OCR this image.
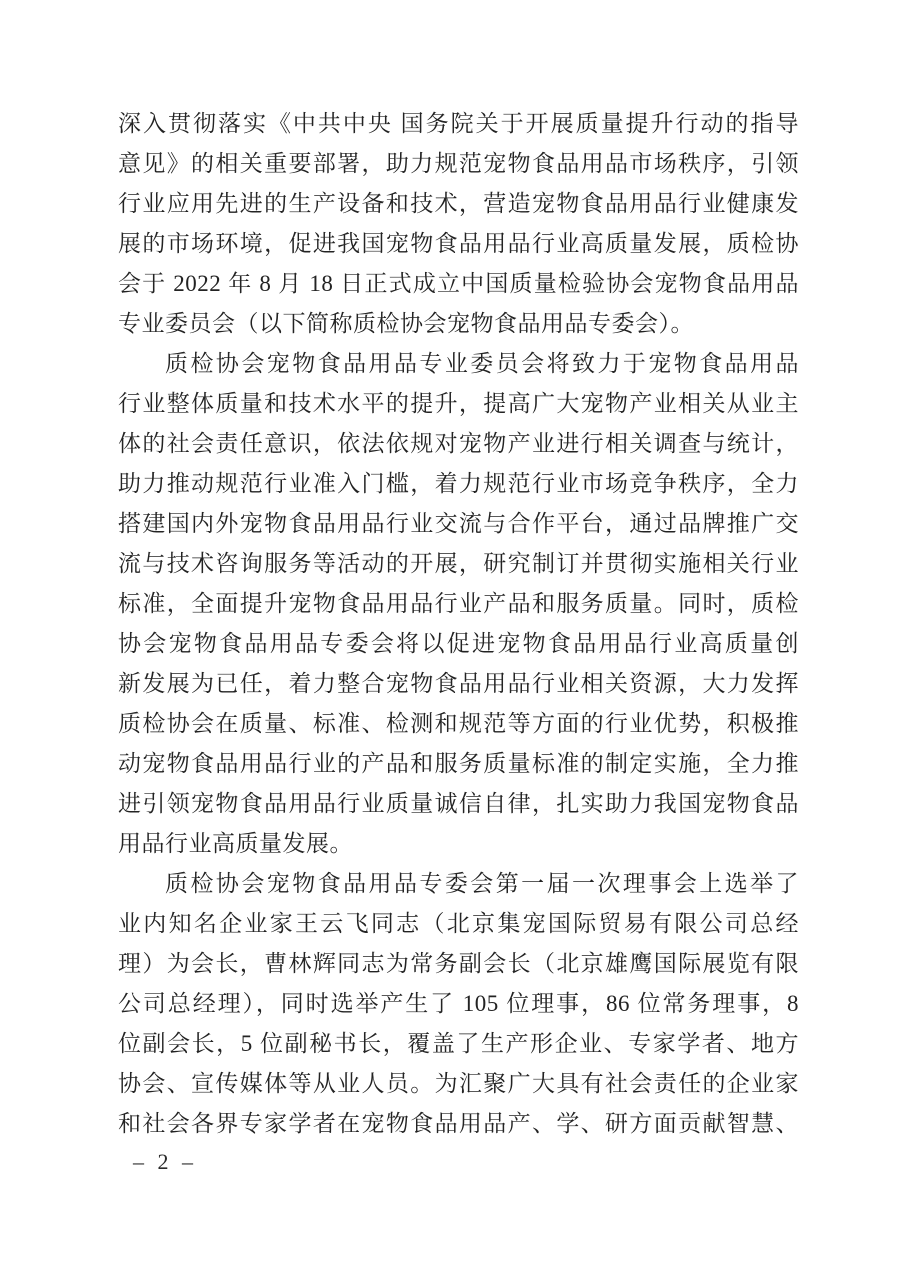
深入贯彻落实《中共中央 国务院关于开展质量提升行动的指导
意见》的相关重要部署，助力规范宠物食品用品市场秩序，引领
行业应用先进的生产设备和技术，营造宠物食品用品行业健康发
展的市场环境，促进我国宠物食品用品行业高质量发展，质检协
会于 2022 年 8 月 18 日正式成立中国质量检验协会宠物食品用品
专业委员会（以下简称质检协会宠物食品用品专委会）。
质检协会宠物食品用品专业委员会将致力于宠物食品用品
行业整体质量和技术水平的提升，提高广大宠物产业相关从业主
体的社会责任意识，依法依规对宠物产业进行相关调查与统计，
助力推动规范行业准入门槛，着力规范行业市场竞争秩序，全力
搭建国内外宠物食品用品行业交流与合作平台，通过品牌推广交
流与技术咨询服务等活动的开展，研究制订并贯彻实施相关行业
标准，全面提升宠物食品用品行业产品和服务质量。同时，质检
协会宠物食品用品专委会将以促进宠物食品用品行业高质量创
新发展为已任，着力整合宠物食品用品行业相关资源，大力发挥
质检协会在质量、标准、检测和规范等方面的行业优势，积极推
动宠物食品用品行业的产品和服务质量标准的制定实施，全力推
进引领宠物食品用品行业质量诚信自律，扎实助力我国宠物食品
用品行业高质量发展。
质检协会宠物食品用品专委会第一届一次理事会上选举了
业内知名企业家王云飞同志（北京集宠国际贸易有限公司总经
理）为会长，曹林辉同志为常务副会长（北京雄鹰国际展览有限
公司总经理），同时选举产生了 105 位理事，86 位常务理事，8
位副会长，5 位副秘书长，覆盖了生产形企业、专家学者、地方
协会、宣传媒体等从业人员。为汇聚广大具有社会责任的企业家
和社会各界专家学者在宠物食品用品产、学、研方面贡献智慧、
– 2 –
